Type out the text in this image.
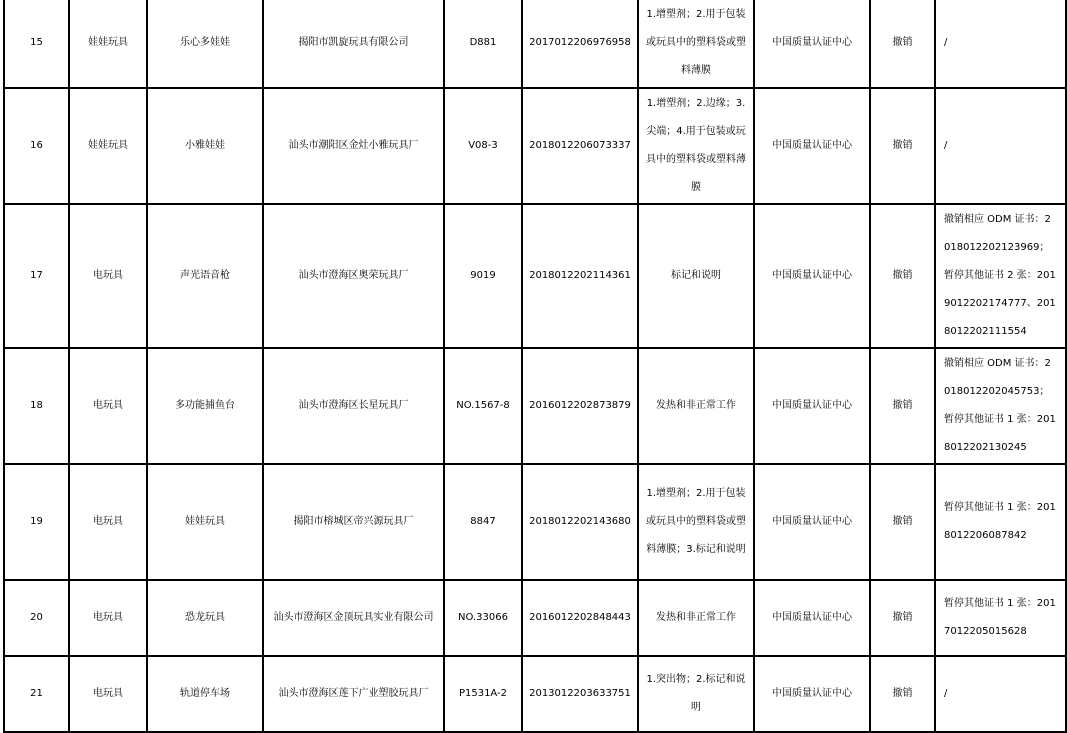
15	娃娃玩具	乐心多娃娃	揭阳市凯旋玩具有限公司	D881	2017012206976958	1.增塑剂；2.用于包装或玩具中的塑料袋或塑料薄膜	中国质量认证中心	撤销	/
16	娃娃玩具	小雅娃娃	汕头市潮阳区金灶小雅玩具厂	V08-3	2018012206073337	1.增塑剂；2.边缘；3.尖端；4.用于包装或玩具中的塑料袋或塑料薄膜	中国质量认证中心	撤销	/
17	电玩具	声光语音枪	汕头市澄海区奥荣玩具厂	9019	2018012202114361	标记和说明	中国质量认证中心	撤销	撤销相应 ODM 证书：2018012202123969；暂停其他证书 2 张：2019012202174777、2018012202111554
18	电玩具	多功能捕鱼台	汕头市澄海区长星玩具厂	NO.1567-8	2016012202873879	发热和非正常工作	中国质量认证中心	撤销	撤销相应 ODM 证书：2018012202045753；暂停其他证书 1 张：2018012202130245
19	电玩具	娃娃玩具	揭阳市榕城区帝兴源玩具厂	8847	2018012202143680	1.增塑剂；2.用于包装或玩具中的塑料袋或塑料薄膜；3.标记和说明	中国质量认证中心	撤销	暂停其他证书 1 张：2018012206087842
20	电玩具	恐龙玩具	汕头市澄海区金顶玩具实业有限公司	NO.33066	2016012202848443	发热和非正常工作	中国质量认证中心	撤销	暂停其他证书 1 张：2017012205015628
21	电玩具	轨道停车场	汕头市澄海区莲下广业塑胶玩具厂	P1531A-2	2013012203633751	1.突出物；2.标记和说明	中国质量认证中心	撤销	/
